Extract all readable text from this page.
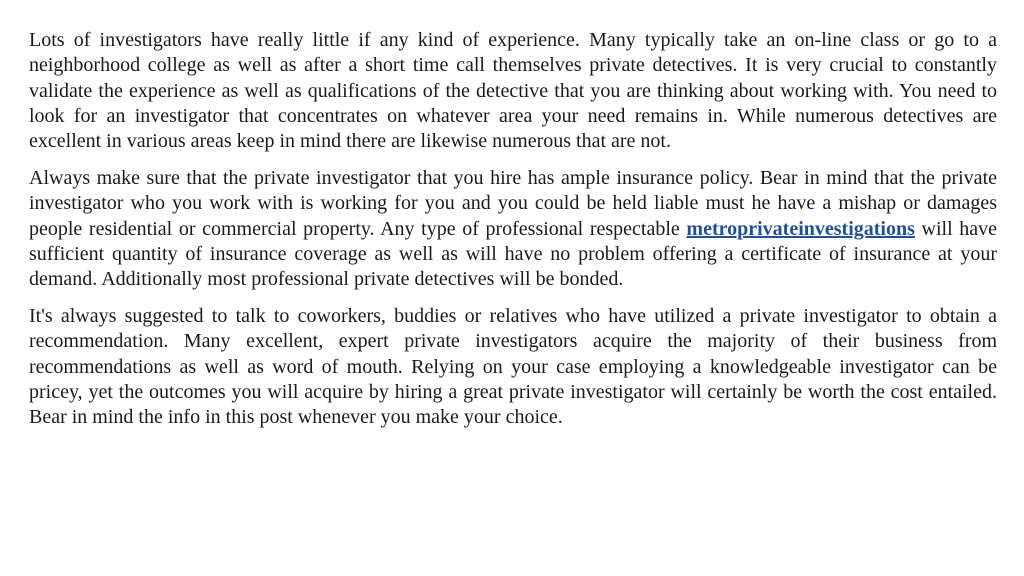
Lots of investigators have really little if any kind of experience. Many typically take an on-line class or go to a neighborhood college as well as after a short time call themselves private detectives. It is very crucial to constantly validate the experience as well as qualifications of the detective that you are thinking about working with. You need to look for an investigator that concentrates on whatever area your need remains in. While numerous detectives are excellent in various areas keep in mind there are likewise numerous that are not.

Always make sure that the private investigator that you hire has ample insurance policy. Bear in mind that the private investigator who you work with is working for you and you could be held liable must he have a mishap or damages people residential or commercial property. Any type of professional respectable metroprivateinvestigations will have sufficient quantity of insurance coverage as well as will have no problem offering a certificate of insurance at your demand. Additionally most professional private detectives will be bonded.

It's always suggested to talk to coworkers, buddies or relatives who have utilized a private investigator to obtain a recommendation. Many excellent, expert private investigators acquire the majority of their business from recommendations as well as word of mouth. Relying on your case employing a knowledgeable investigator can be pricey, yet the outcomes you will acquire by hiring a great private investigator will certainly be worth the cost entailed. Bear in mind the info in this post whenever you make your choice.
